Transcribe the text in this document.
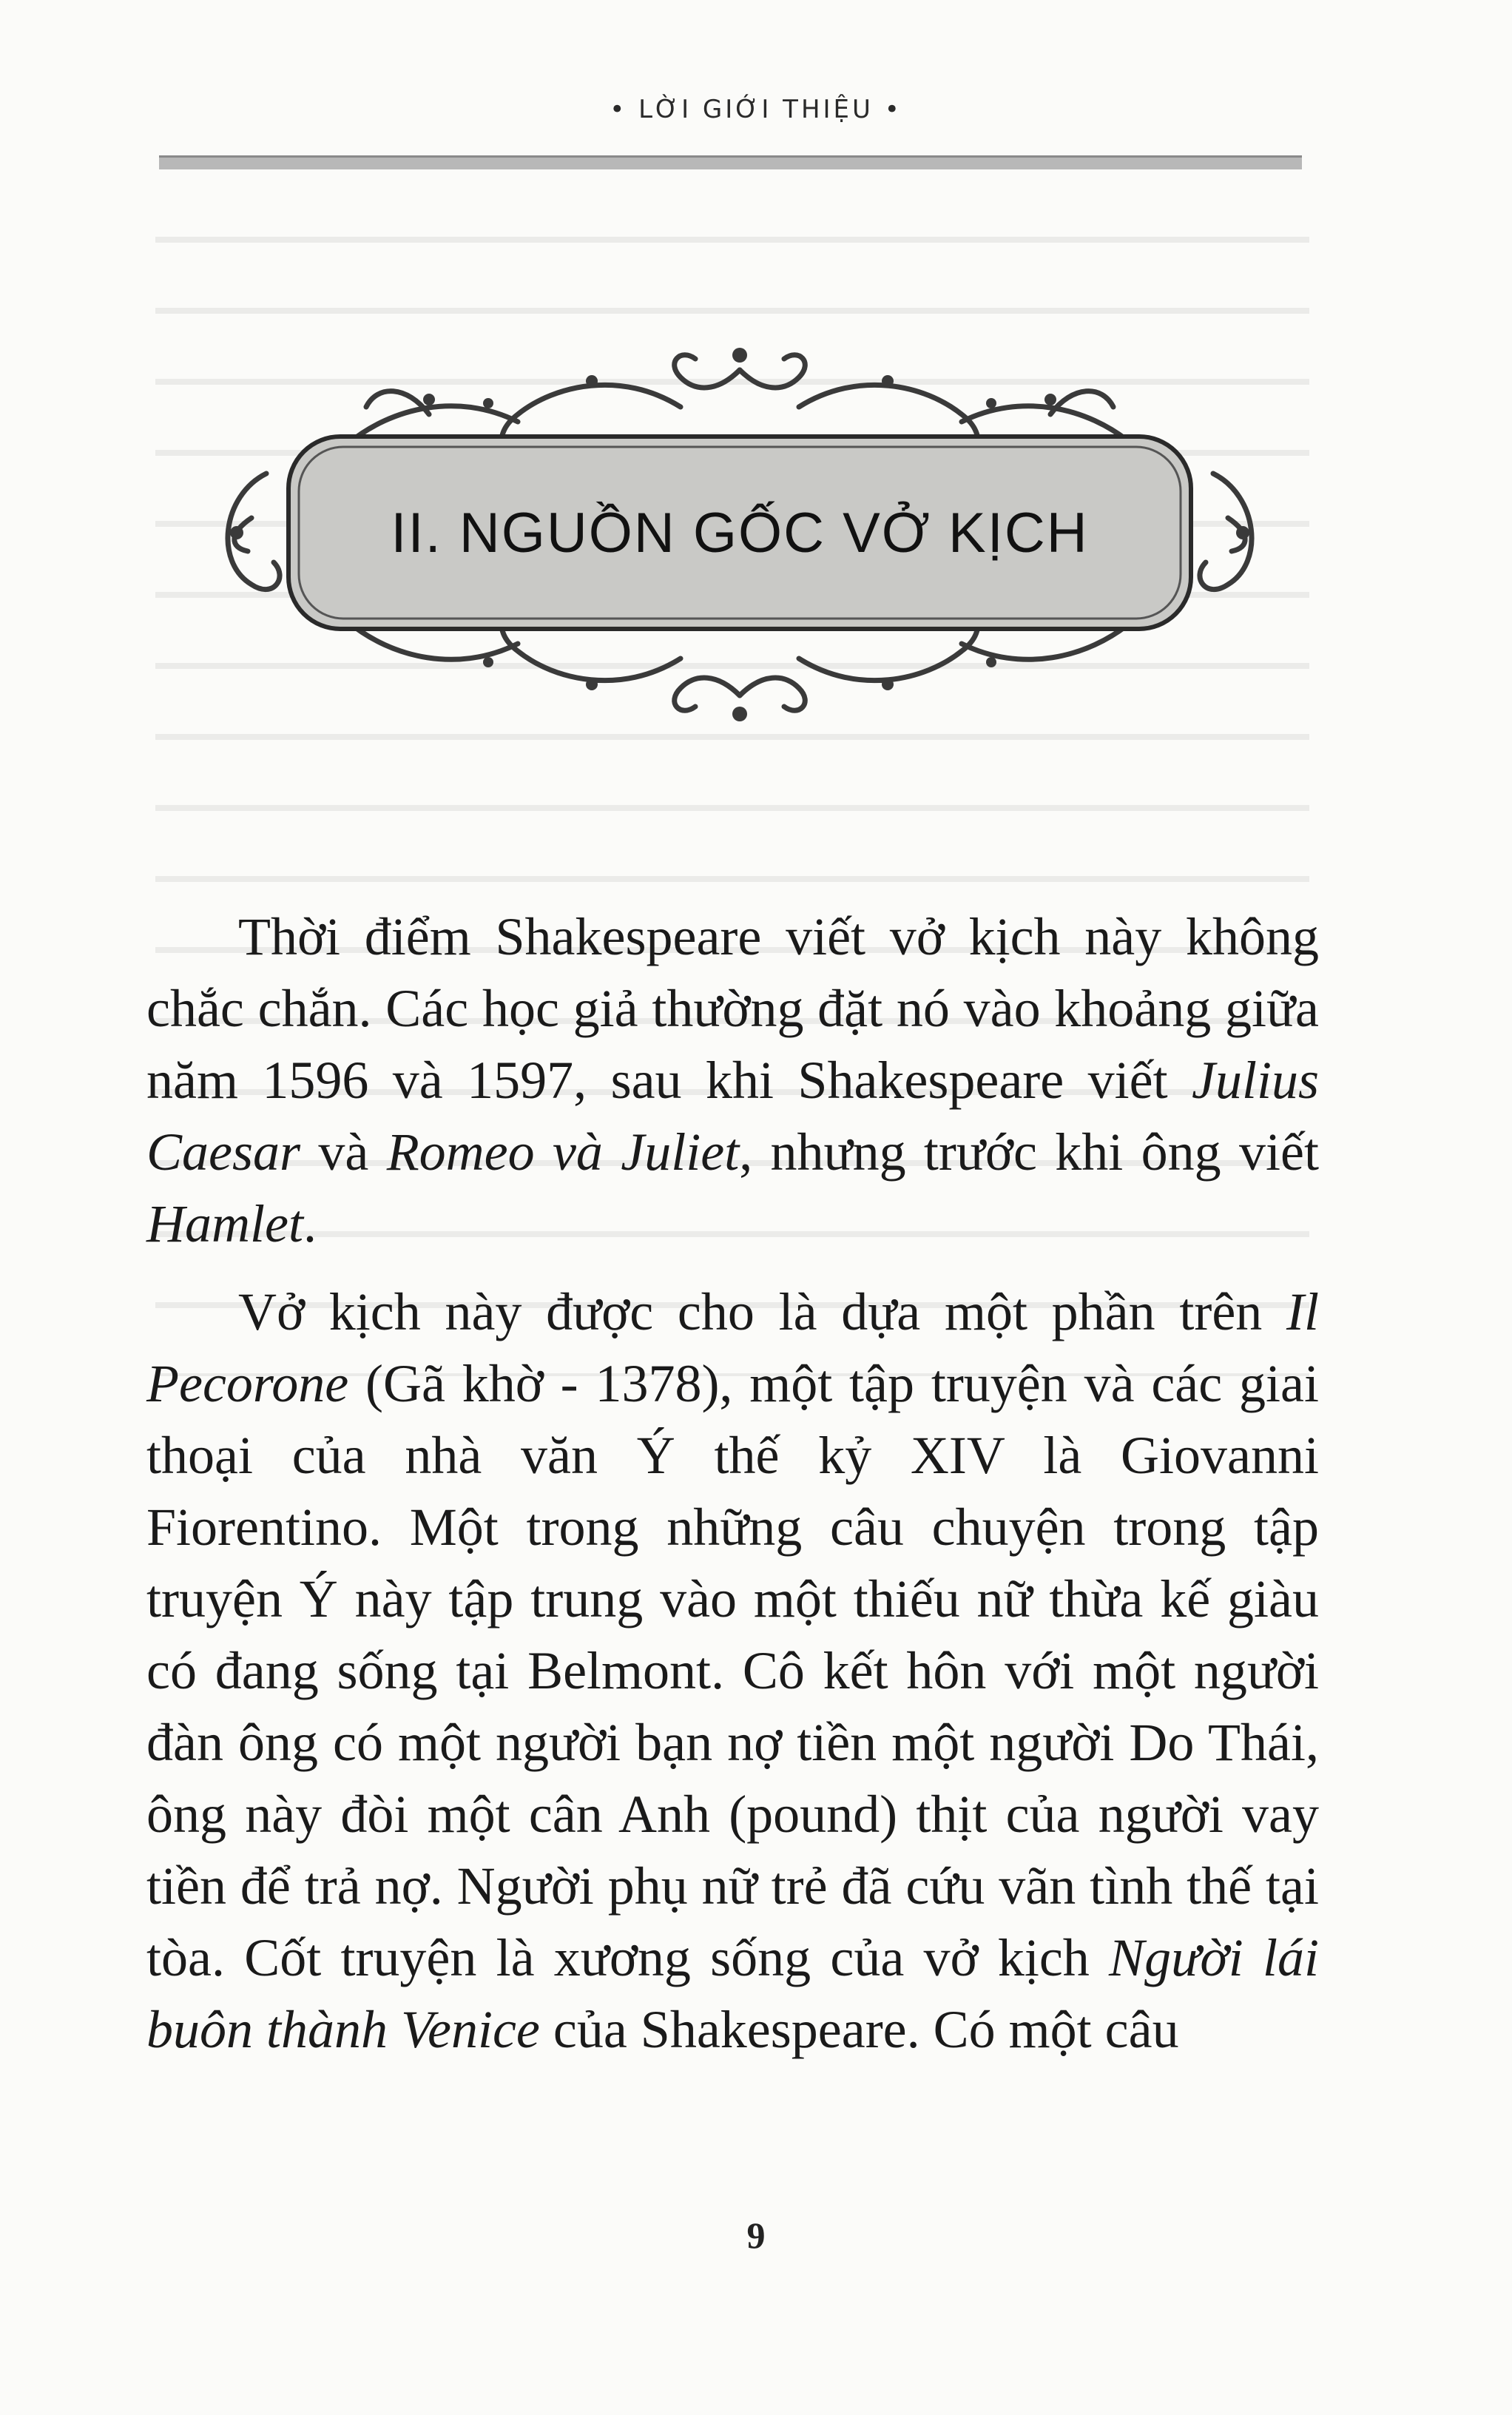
• LỜI GIỚI THIỆU •
II. NGUỒN GỐC VỞ KỊCH

Thời điểm Shakespeare viết vở kịch này không chắc chắn. Các học giả thường đặt nó vào khoảng giữa năm 1596 và 1597, sau khi Shakespeare viết Julius Caesar và Romeo và Juliet, nhưng trước khi ông viết Hamlet.

Vở kịch này được cho là dựa một phần trên Il Pecorone (Gã khờ - 1378), một tập truyện và các giai thoại của nhà văn Ý thế kỷ XIV là Giovanni Fiorentino. Một trong những câu chuyện trong tập truyện Ý này tập trung vào một thiếu nữ thừa kế giàu có đang sống tại Belmont. Cô kết hôn với một người đàn ông có một người bạn nợ tiền một người Do Thái, ông này đòi một cân Anh (pound) thịt của người vay tiền để trả nợ. Người phụ nữ trẻ đã cứu vãn tình thế tại tòa. Cốt truyện là xương sống của vở kịch Người lái buôn thành Venice của Shakespeare. Có một câu

9
